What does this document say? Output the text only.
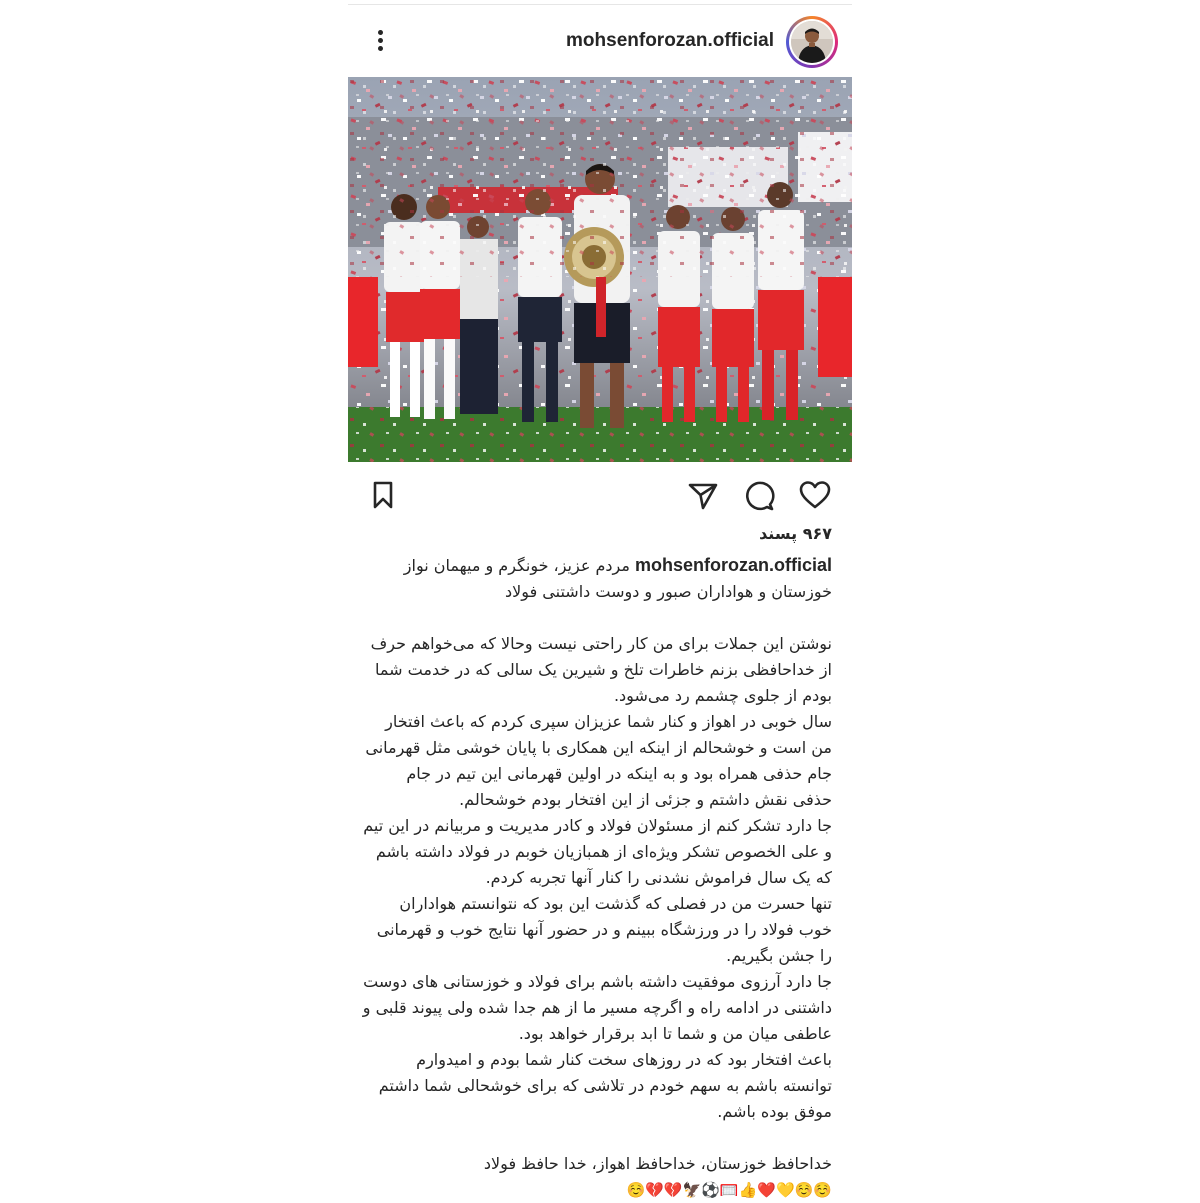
mohsenforozan.official
۹۶۷ پسند

mohsenforozan.official مردم عزیز، خونگرم و میهمان نواز خوزستان و هواداران صبور و دوست داشتنی فولاد

نوشتن این جملات برای من کار راحتی نیست وحالا که می‌خواهم حرف از خداحافظی بزنم خاطرات تلخ و شیرین یک سالی که در خدمت شما بودم از جلوی چشمم رد می‌شود.
سال خوبی در اهواز و کنار شما عزیزان سپری کردم که باعث افتخار من است و خوشحالم از اینکه این همکاری با پایان خوشی مثل قهرمانی جام حذفی همراه بود و به اینکه در اولین قهرمانی این تیم در جام حذفی نقش داشتم و جزئی از این افتخار بودم خوشحالم.
جا دارد تشکر کنم از مسئولان فولاد و کادر مدیریت و مربیانم در این تیم و علی الخصوص تشکر ویژه‌ای از همبازیان خوبم در فولاد داشته باشم که یک سال فراموش نشدنی را کنار آنها تجربه کردم.
تنها حسرت من در فصلی که گذشت این بود که نتوانستم هواداران خوب فولاد را در ورزشگاه ببینم و در حضور آنها نتایج خوب و قهرمانی را جشن بگیریم.
جا دارد آرزوی موفقیت داشته باشم برای فولاد و خوزستانی های دوست داشتنی در ادامه راه و اگرچه مسیر ما از هم جدا شده ولی پیوند قلبی و عاطفی میان من و شما تا ابد برقرار خواهد بود.
باعث افتخار بود که در روزهای سخت کنار شما بودم و امیدوارم توانسته باشم به سهم خودم در تلاشی که برای خوشحالی شما داشتم موفق بوده باشم.

خداحافظ خوزستان، خداحافظ اهواز، خدا حافظ فولاد

☺️☺️💛❤️👍🥅⚽🦅💔💔☺️
